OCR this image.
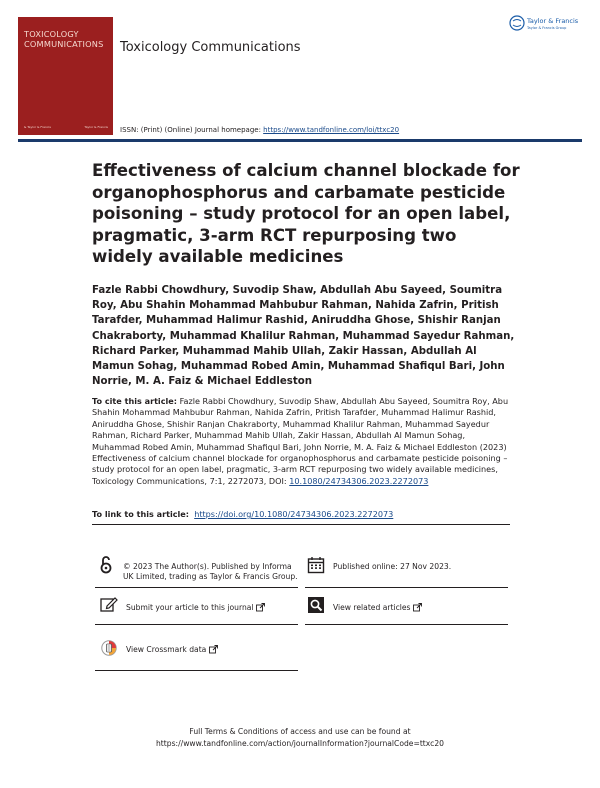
TOXICOLOGY COMMUNICATIONS
& Taylor & Francis	Taylor & Francis
Toxicology Communications
Taylor & Francis
Taylor & Francis Group
ISSN: (Print) (Online) Journal homepage: https://www.tandfonline.com/loi/ttxc20
Effectiveness of calcium channel blockade for organophosphorus and carbamate pesticide poisoning – study protocol for an open label, pragmatic, 3-arm RCT repurposing two widely available medicines
Fazle Rabbi Chowdhury, Suvodip Shaw, Abdullah Abu Sayeed, Soumitra Roy, Abu Shahin Mohammad Mahbubur Rahman, Nahida Zafrin, Pritish Tarafder, Muhammad Halimur Rashid, Aniruddha Ghose, Shishir Ranjan Chakraborty, Muhammad Khalilur Rahman, Muhammad Sayedur Rahman, Richard Parker, Muhammad Mahib Ullah, Zakir Hassan, Abdullah Al Mamun Sohag, Muhammad Robed Amin, Muhammad Shafiqul Bari, John Norrie, M. A. Faiz & Michael Eddleston
To cite this article: Fazle Rabbi Chowdhury, Suvodip Shaw, Abdullah Abu Sayeed, Soumitra Roy, Abu Shahin Mohammad Mahbubur Rahman, Nahida Zafrin, Pritish Tarafder, Muhammad Halimur Rashid, Aniruddha Ghose, Shishir Ranjan Chakraborty, Muhammad Khalilur Rahman, Muhammad Sayedur Rahman, Richard Parker, Muhammad Mahib Ullah, Zakir Hassan, Abdullah Al Mamun Sohag, Muhammad Robed Amin, Muhammad Shafiqul Bari, John Norrie, M. A. Faiz & Michael Eddleston (2023) Effectiveness of calcium channel blockade for organophosphorus and carbamate pesticide poisoning – study protocol for an open label, pragmatic, 3-arm RCT repurposing two widely available medicines, Toxicology Communications, 7:1, 2272073, DOI: 10.1080/24734306.2023.2272073
To link to this article: https://doi.org/10.1080/24734306.2023.2272073
© 2023 The Author(s). Published by Informa UK Limited, trading as Taylor & Francis Group.
Published online: 27 Nov 2023.
Submit your article to this journal	View related articles
View Crossmark data
Full Terms & Conditions of access and use can be found at
https://www.tandfonline.com/action/journalInformation?journalCode=ttxc20
